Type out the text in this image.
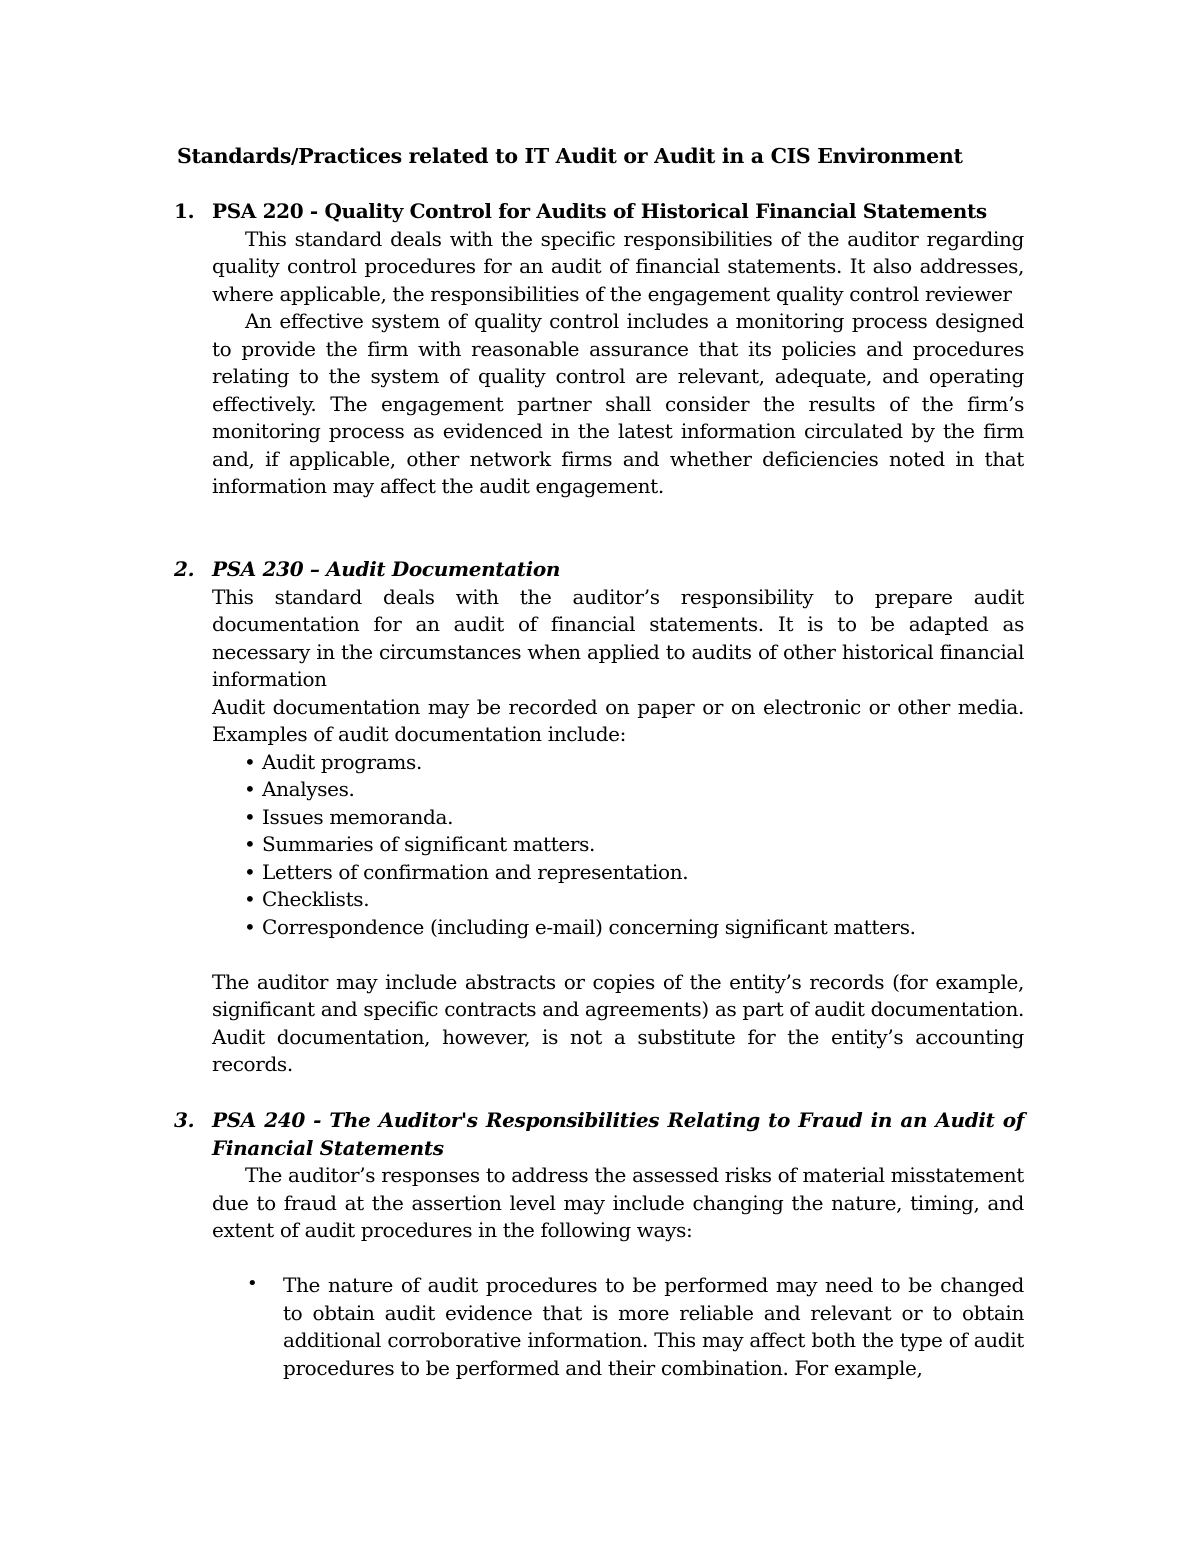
Standards/Practices related to IT Audit or Audit in a CIS Environment
1. PSA 220 - Quality Control for Audits of Historical Financial Statements

This standard deals with the specific responsibilities of the auditor regarding quality control procedures for an audit of financial statements. It also addresses, where applicable, the responsibilities of the engagement quality control reviewer

An effective system of quality control includes a monitoring process designed to provide the firm with reasonable assurance that its policies and procedures relating to the system of quality control are relevant, adequate, and operating effectively. The engagement partner shall consider the results of the firm’s monitoring process as evidenced in the latest information circulated by the firm and, if applicable, other network firms and whether deficiencies noted in that information may affect the audit engagement.

2. PSA 230 – Audit Documentation

This standard deals with the auditor’s responsibility to prepare audit documentation for an audit of financial statements. It is to be adapted as necessary in the circumstances when applied to audits of other historical financial information

Audit documentation may be recorded on paper or on electronic or other media. Examples of audit documentation include:

• Audit programs.
• Analyses.
• Issues memoranda.
• Summaries of significant matters.
• Letters of confirmation and representation.
• Checklists.
• Correspondence (including e-mail) concerning significant matters.

The auditor may include abstracts or copies of the entity’s records (for example, significant and specific contracts and agreements) as part of audit documentation. Audit documentation, however, is not a substitute for the entity’s accounting records.

3. PSA 240 - The Auditor's Responsibilities Relating to Fraud in an Audit of Financial Statements

The auditor’s responses to address the assessed risks of material misstatement due to fraud at the assertion level may include changing the nature, timing, and extent of audit procedures in the following ways:

• The nature of audit procedures to be performed may need to be changed to obtain audit evidence that is more reliable and relevant or to obtain additional corroborative information. This may affect both the type of audit procedures to be performed and their combination. For example,
